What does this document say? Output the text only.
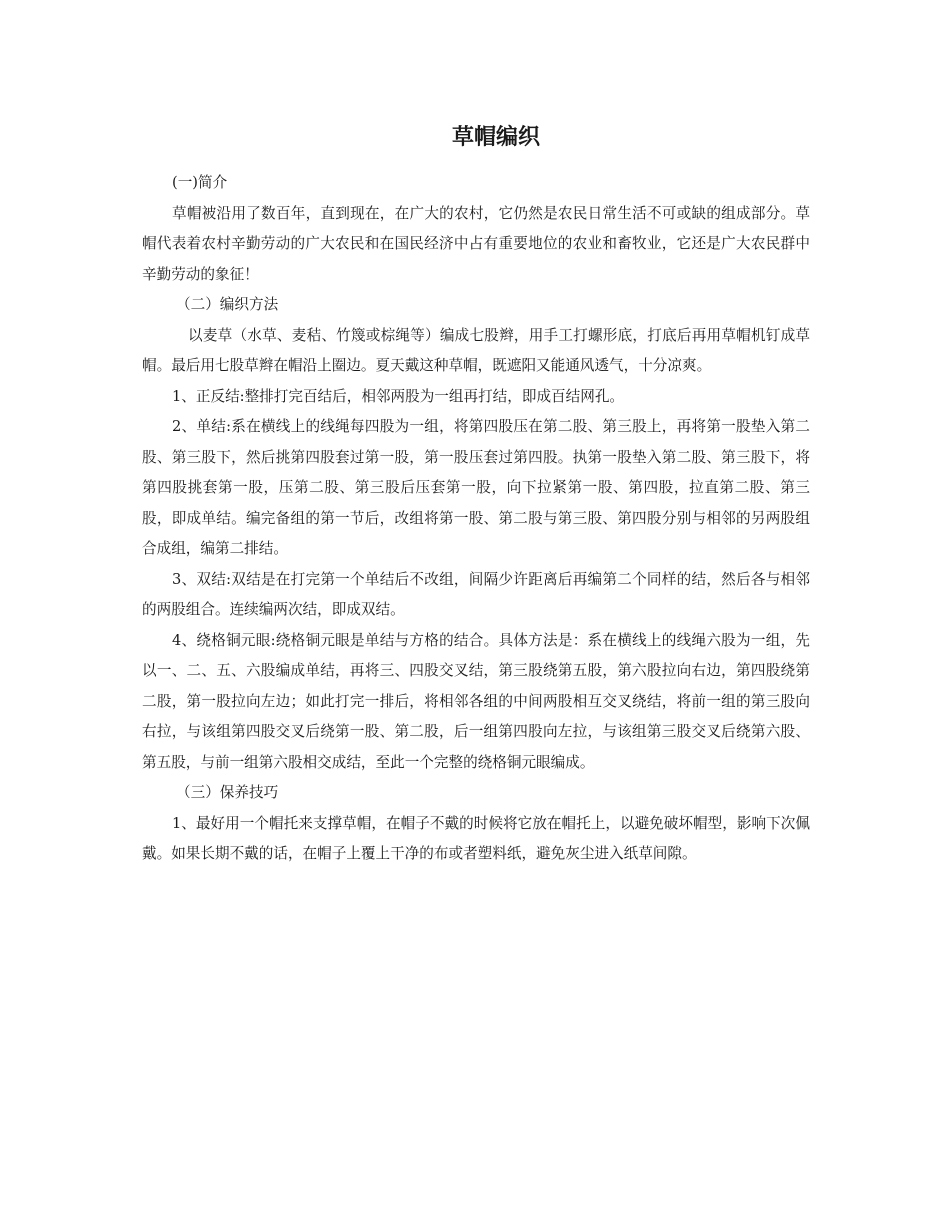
草帽编织

(一)简介

草帽被沿用了数百年，直到现在，在广大的农村，它仍然是农民日常生活不可或缺的组成部分。草帽代表着农村辛勤劳动的广大农民和在国民经济中占有重要地位的农业和畜牧业，它还是广大农民群中辛勤劳动的象征！

（二）编织方法

以麦草（水草、麦秸、竹篾或棕绳等）编成七股辫，用手工打螺形底，打底后再用草帽机钉成草帽。最后用七股草辫在帽沿上圈边。夏天戴这种草帽，既遮阳又能通风透气，十分凉爽。

1、正反结:整排打完百结后，相邻两股为一组再打结，即成百结网孔。

2、单结:系在横线上的线绳每四股为一组，将第四股压在第二股、第三股上，再将第一股垫入第二股、第三股下，然后挑第四股套过第一股，第一股压套过第四股。执第一股垫入第二股、第三股下，将第四股挑套第一股，压第二股、第三股后压套第一股，向下拉紧第一股、第四股，拉直第二股、第三股，即成单结。编完备组的第一节后，改组将第一股、第二股与第三股、第四股分别与相邻的另两股组合成组，编第二排结。

3、双结:双结是在打完第一个单结后不改组，间隔少许距离后再编第二个同样的结，然后各与相邻的两股组合。连续编两次结，即成双结。

4、绕格铜元眼:绕格铜元眼是单结与方格的结合。具体方法是：系在横线上的线绳六股为一组，先以一、二、五、六股编成单结，再将三、四股交叉结，第三股绕第五股，第六股拉向右边，第四股绕第二股，第一股拉向左边；如此打完一排后，将相邻各组的中间两股相互交叉绕结，将前一组的第三股向右拉，与该组第四股交叉后绕第一股、第二股，后一组第四股向左拉，与该组第三股交叉后绕第六股、第五股，与前一组第六股相交成结，至此一个完整的绕格铜元眼编成。

（三）保养技巧

1、最好用一个帽托来支撑草帽，在帽子不戴的时候将它放在帽托上，以避免破坏帽型，影响下次佩戴。如果长期不戴的话，在帽子上覆上干净的布或者塑料纸，避免灰尘进入纸草间隙。
